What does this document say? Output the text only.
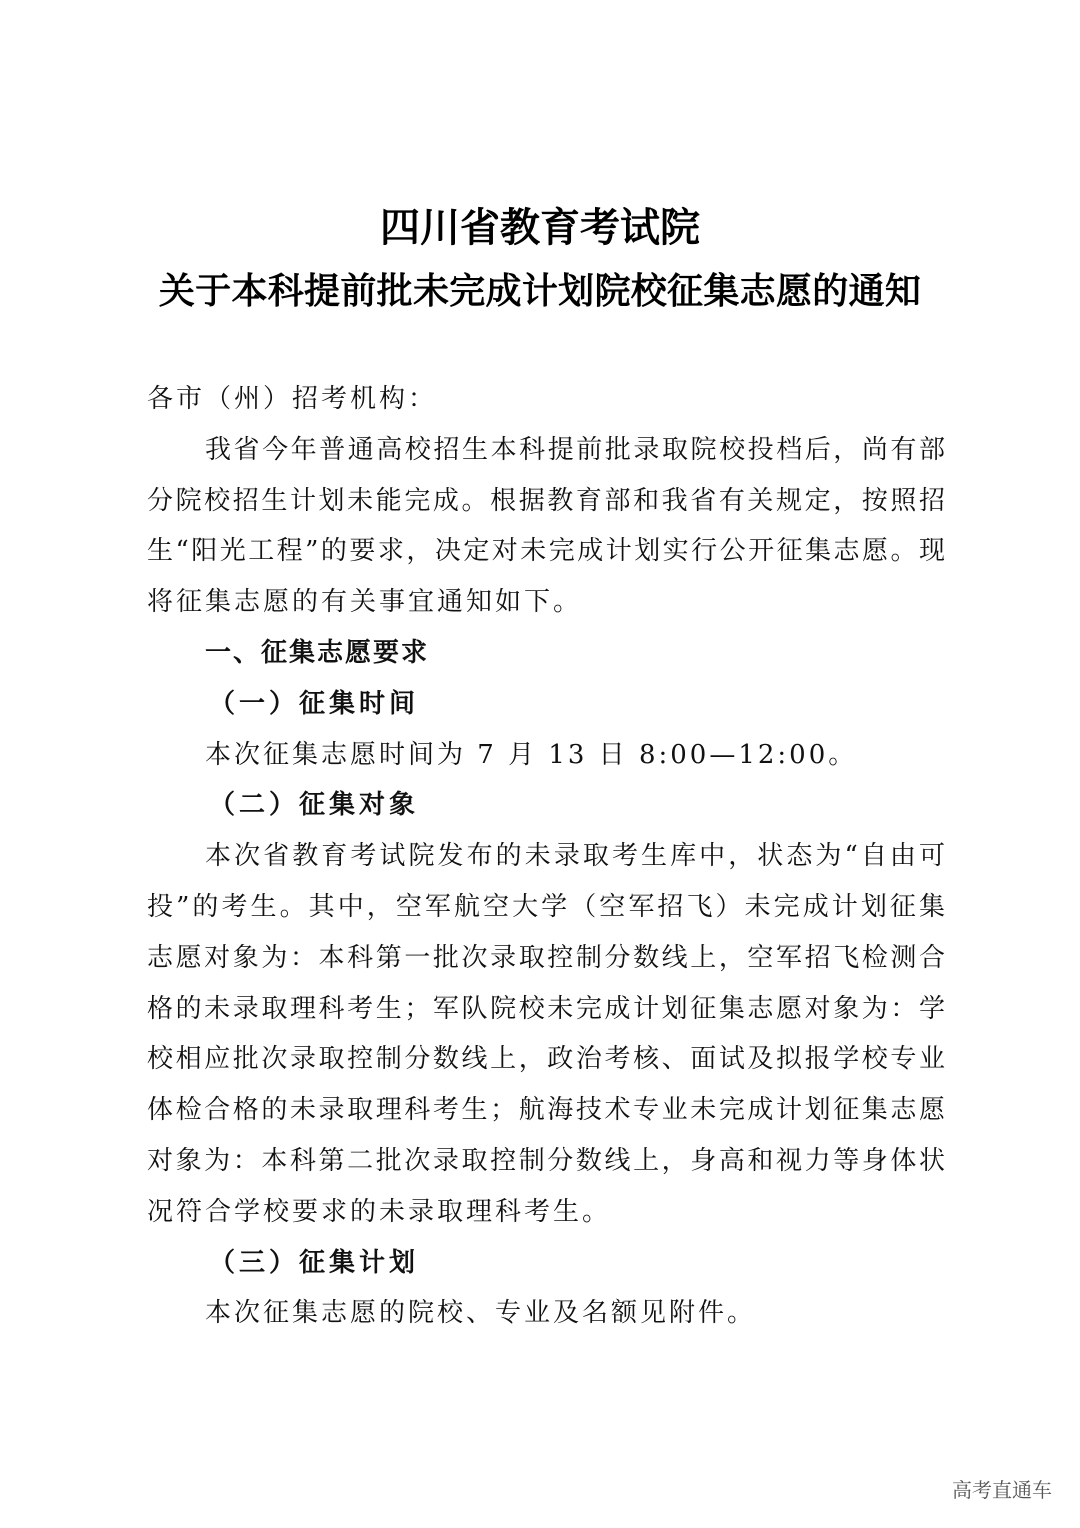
四川省教育考试院
关于本科提前批未完成计划院校征集志愿的通知
各市（州）招考机构：
我省今年普通高校招生本科提前批录取院校投档后，尚有部
分院校招生计划未能完成。根据教育部和我省有关规定，按照招
生“阳光工程”的要求，决定对未完成计划实行公开征集志愿。现
将征集志愿的有关事宜通知如下。
一、征集志愿要求
（一）征集时间
本次征集志愿时间为 7 月 13 日 8:00—12:00。
（二）征集对象
本次省教育考试院发布的未录取考生库中，状态为“自由可
投”的考生。其中，空军航空大学（空军招飞）未完成计划征集
志愿对象为：本科第一批次录取控制分数线上，空军招飞检测合
格的未录取理科考生；军队院校未完成计划征集志愿对象为：学
校相应批次录取控制分数线上，政治考核、面试及拟报学校专业
体检合格的未录取理科考生；航海技术专业未完成计划征集志愿
对象为：本科第二批次录取控制分数线上，身高和视力等身体状
况符合学校要求的未录取理科考生。
（三）征集计划
本次征集志愿的院校、专业及名额见附件。
高考直通车
